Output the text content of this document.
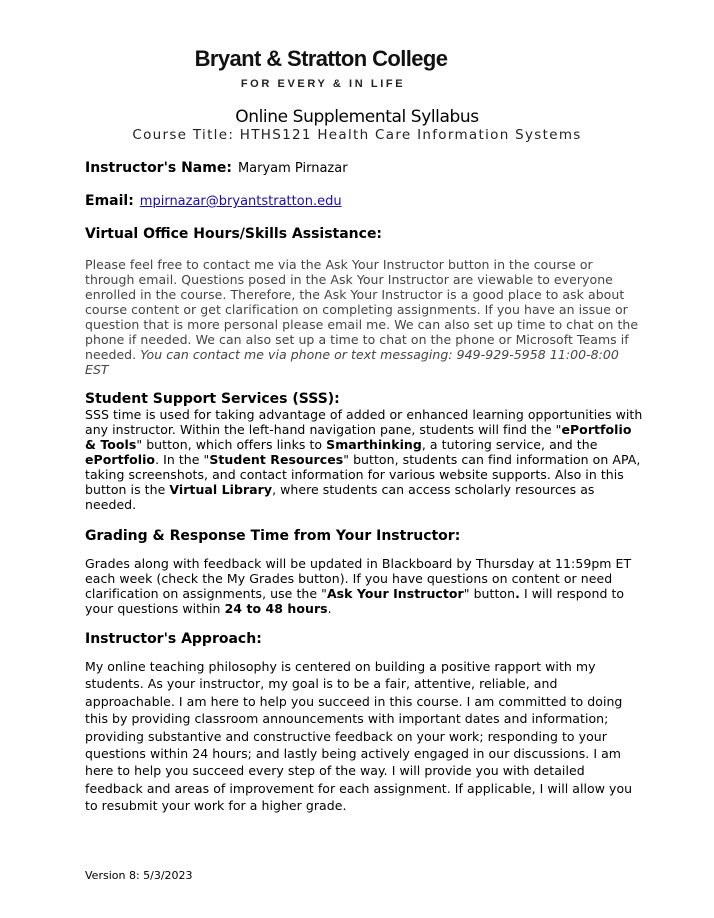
Bryant & Stratton College
FOR EVERY & IN LIFE
Online Supplemental Syllabus
Course Title: HTHS121 Health Care Information Systems
Instructor's Name: Maryam Pirnazar
Email: mpirnazar@bryantstratton.edu
Virtual Office Hours/Skills Assistance:
Please feel free to contact me via the Ask Your Instructor button in the course or through email. Questions posed in the Ask Your Instructor are viewable to everyone enrolled in the course. Therefore, the Ask Your Instructor is a good place to ask about course content or get clarification on completing assignments. If you have an issue or question that is more personal please email me. We can also set up time to chat on the phone if needed. We can also set up a time to chat on the phone or Microsoft Teams if needed. You can contact me via phone or text messaging: 949-929-5958 11:00-8:00 EST
Student Support Services (SSS):
SSS time is used for taking advantage of added or enhanced learning opportunities with any instructor. Within the left-hand navigation pane, students will find the "ePortfolio & Tools" button, which offers links to Smarthinking, a tutoring service, and the ePortfolio. In the "Student Resources" button, students can find information on APA, taking screenshots, and contact information for various website supports. Also in this button is the Virtual Library, where students can access scholarly resources as needed.
Grading & Response Time from Your Instructor:
Grades along with feedback will be updated in Blackboard by Thursday at 11:59pm ET each week (check the My Grades button). If you have questions on content or need clarification on assignments, use the "Ask Your Instructor" button. I will respond to your questions within 24 to 48 hours.
Instructor's Approach:
My online teaching philosophy is centered on building a positive rapport with my students. As your instructor, my goal is to be a fair, attentive, reliable, and approachable. I am here to help you succeed in this course. I am committed to doing this by providing classroom announcements with important dates and information; providing substantive and constructive feedback on your work; responding to your questions within 24 hours; and lastly being actively engaged in our discussions. I am here to help you succeed every step of the way. I will provide you with detailed feedback and areas of improvement for each assignment. If applicable, I will allow you to resubmit your work for a higher grade.
Version 8: 5/3/2023
